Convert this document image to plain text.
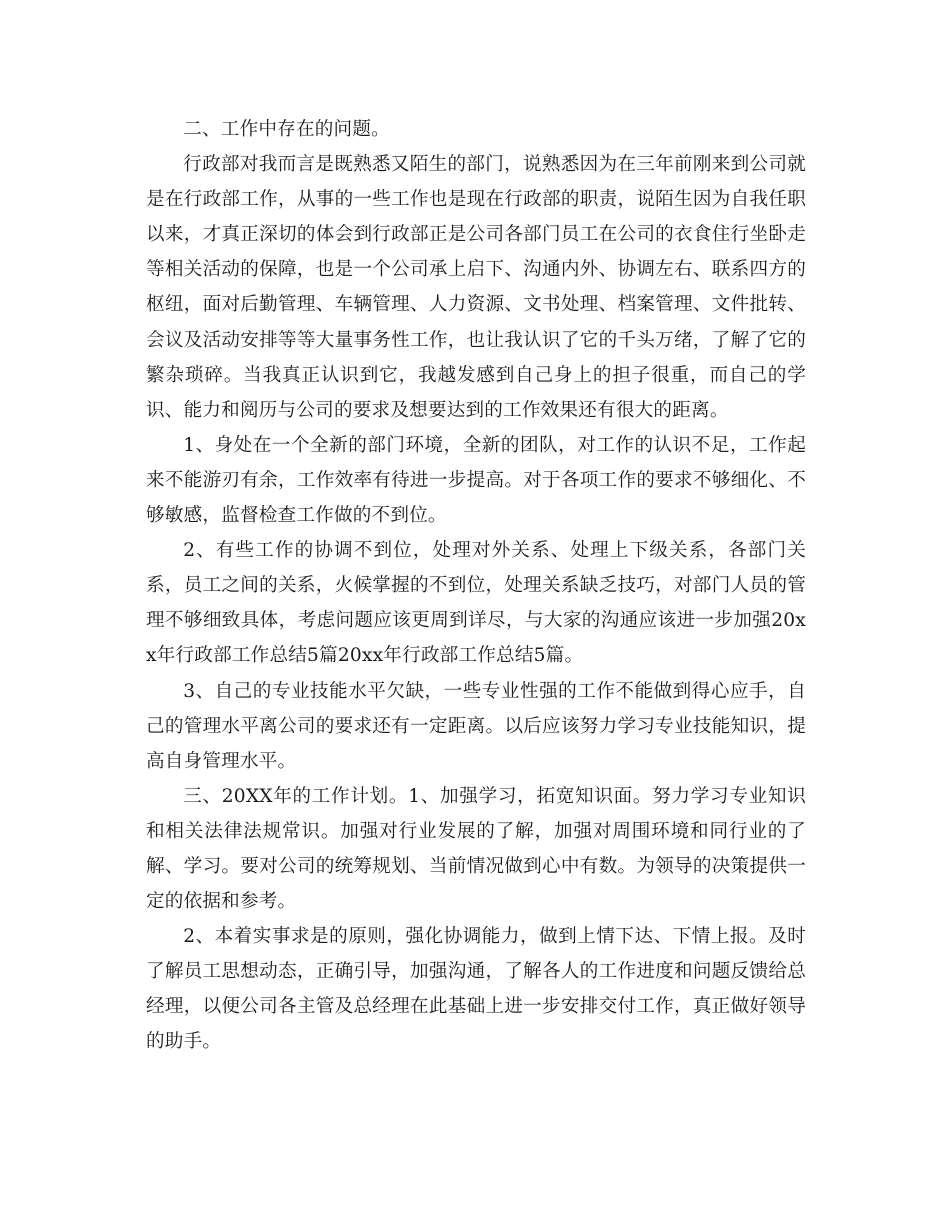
二、工作中存在的问题。

行政部对我而言是既熟悉又陌生的部门，说熟悉因为在三年前刚来到公司就是在行政部工作，从事的一些工作也是现在行政部的职责，说陌生因为自我任职以来，才真正深切的体会到行政部正是公司各部门员工在公司的衣食住行坐卧走等相关活动的保障，也是一个公司承上启下、沟通内外、协调左右、联系四方的枢纽，面对后勤管理、车辆管理、人力资源、文书处理、档案管理、文件批转、会议及活动安排等等大量事务性工作，也让我认识了它的千头万绪，了解了它的繁杂琐碎。当我真正认识到它，我越发感到自己身上的担子很重，而自己的学识、能力和阅历与公司的要求及想要达到的工作效果还有很大的距离。

1、身处在一个全新的部门环境，全新的团队，对工作的认识不足，工作起来不能游刃有余，工作效率有待进一步提高。对于各项工作的要求不够细化、不够敏感，监督检查工作做的不到位。

2、有些工作的协调不到位，处理对外关系、处理上下级关系，各部门关系，员工之间的关系，火候掌握的不到位，处理关系缺乏技巧，对部门人员的管理不够细致具体，考虑问题应该更周到详尽，与大家的沟通应该进一步加强20xx年行政部工作总结5篇20xx年行政部工作总结5篇。

3、自己的专业技能水平欠缺，一些专业性强的工作不能做到得心应手，自己的管理水平离公司的要求还有一定距离。以后应该努力学习专业技能知识，提高自身管理水平。

三、20XX年的工作计划。1、加强学习，拓宽知识面。努力学习专业知识和相关法律法规常识。加强对行业发展的了解，加强对周围环境和同行业的了解、学习。要对公司的统筹规划、当前情况做到心中有数。为领导的决策提供一定的依据和参考。

2、本着实事求是的原则，强化协调能力，做到上情下达、下情上报。及时了解员工思想动态，正确引导，加强沟通，了解各人的工作进度和问题反馈给总经理，以便公司各主管及总经理在此基础上进一步安排交付工作，真正做好领导的助手。
